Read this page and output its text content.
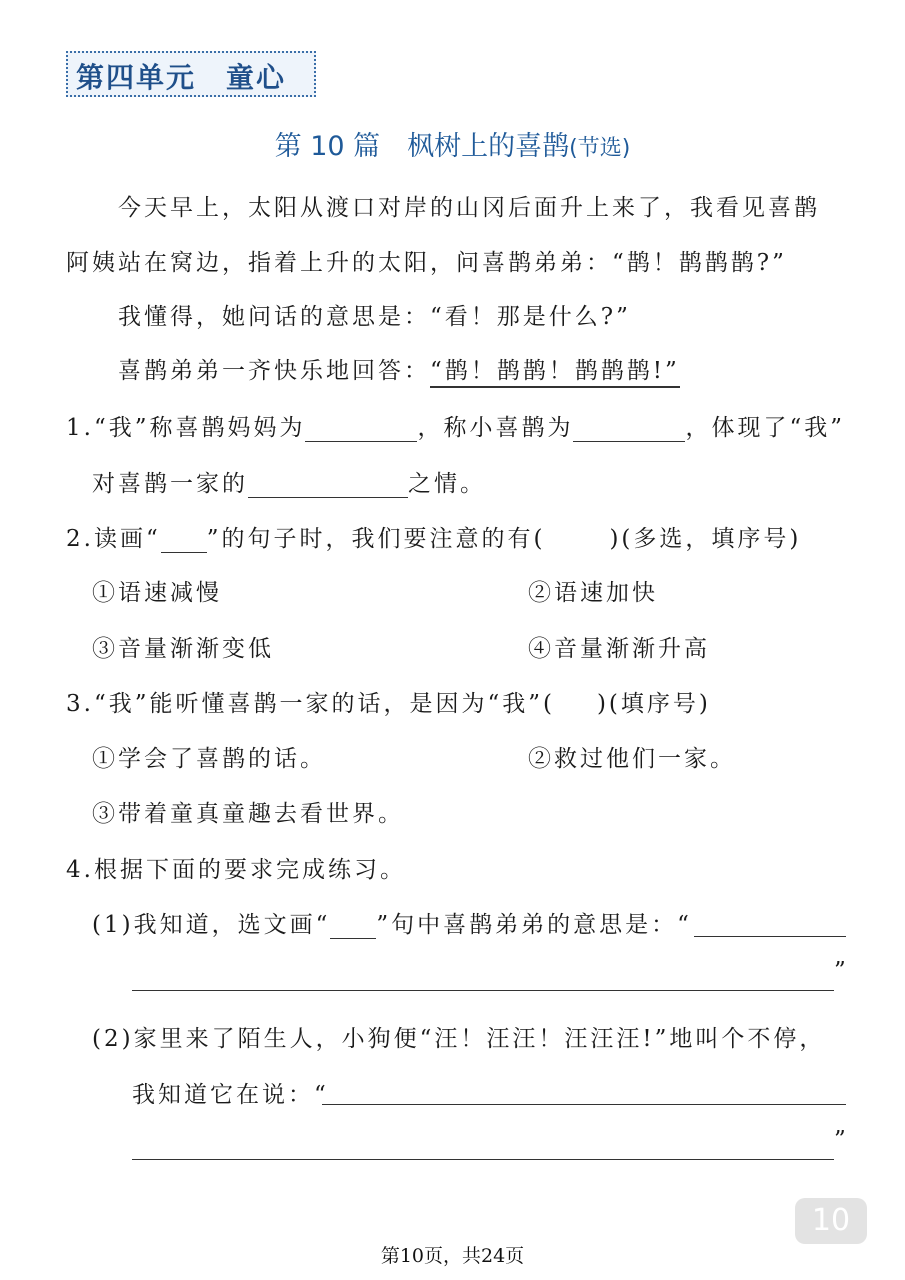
第四单元　童心
第 10 篇　枫树上的喜鹊(节选)
今天早上，太阳从渡口对岸的山冈后面升上来了，我看见喜鹊
阿姨站在窝边，指着上升的太阳，问喜鹊弟弟：“鹊！鹊鹊鹊?”
我懂得，她问话的意思是：“看！那是什么?”
喜鹊弟弟一齐快乐地回答：“鹊！鹊鹊！鹊鹊鹊!”
1.“我”称喜鹊妈妈为	，称小喜鹊为	，体现了“我”
对喜鹊一家的	之情。
2.读画“ ”的句子时，我们要注意的有(	)(多选，填序号)
①语速减慢	②语速加快
③音量渐渐变低	④音量渐渐升高
3.“我”能听懂喜鹊一家的话，是因为“我”( )(填序号)
①学会了喜鹊的话。	②救过他们一家。
③带着童真童趣去看世界。
4.根据下面的要求完成练习。
(1)我知道，选文画“ ”句中喜鹊弟弟的意思是：“
”
(2)家里来了陌生人，小狗便“汪！汪汪！汪汪汪!”地叫个不停，
我知道它在说：“
”
10
第10页，共24页
